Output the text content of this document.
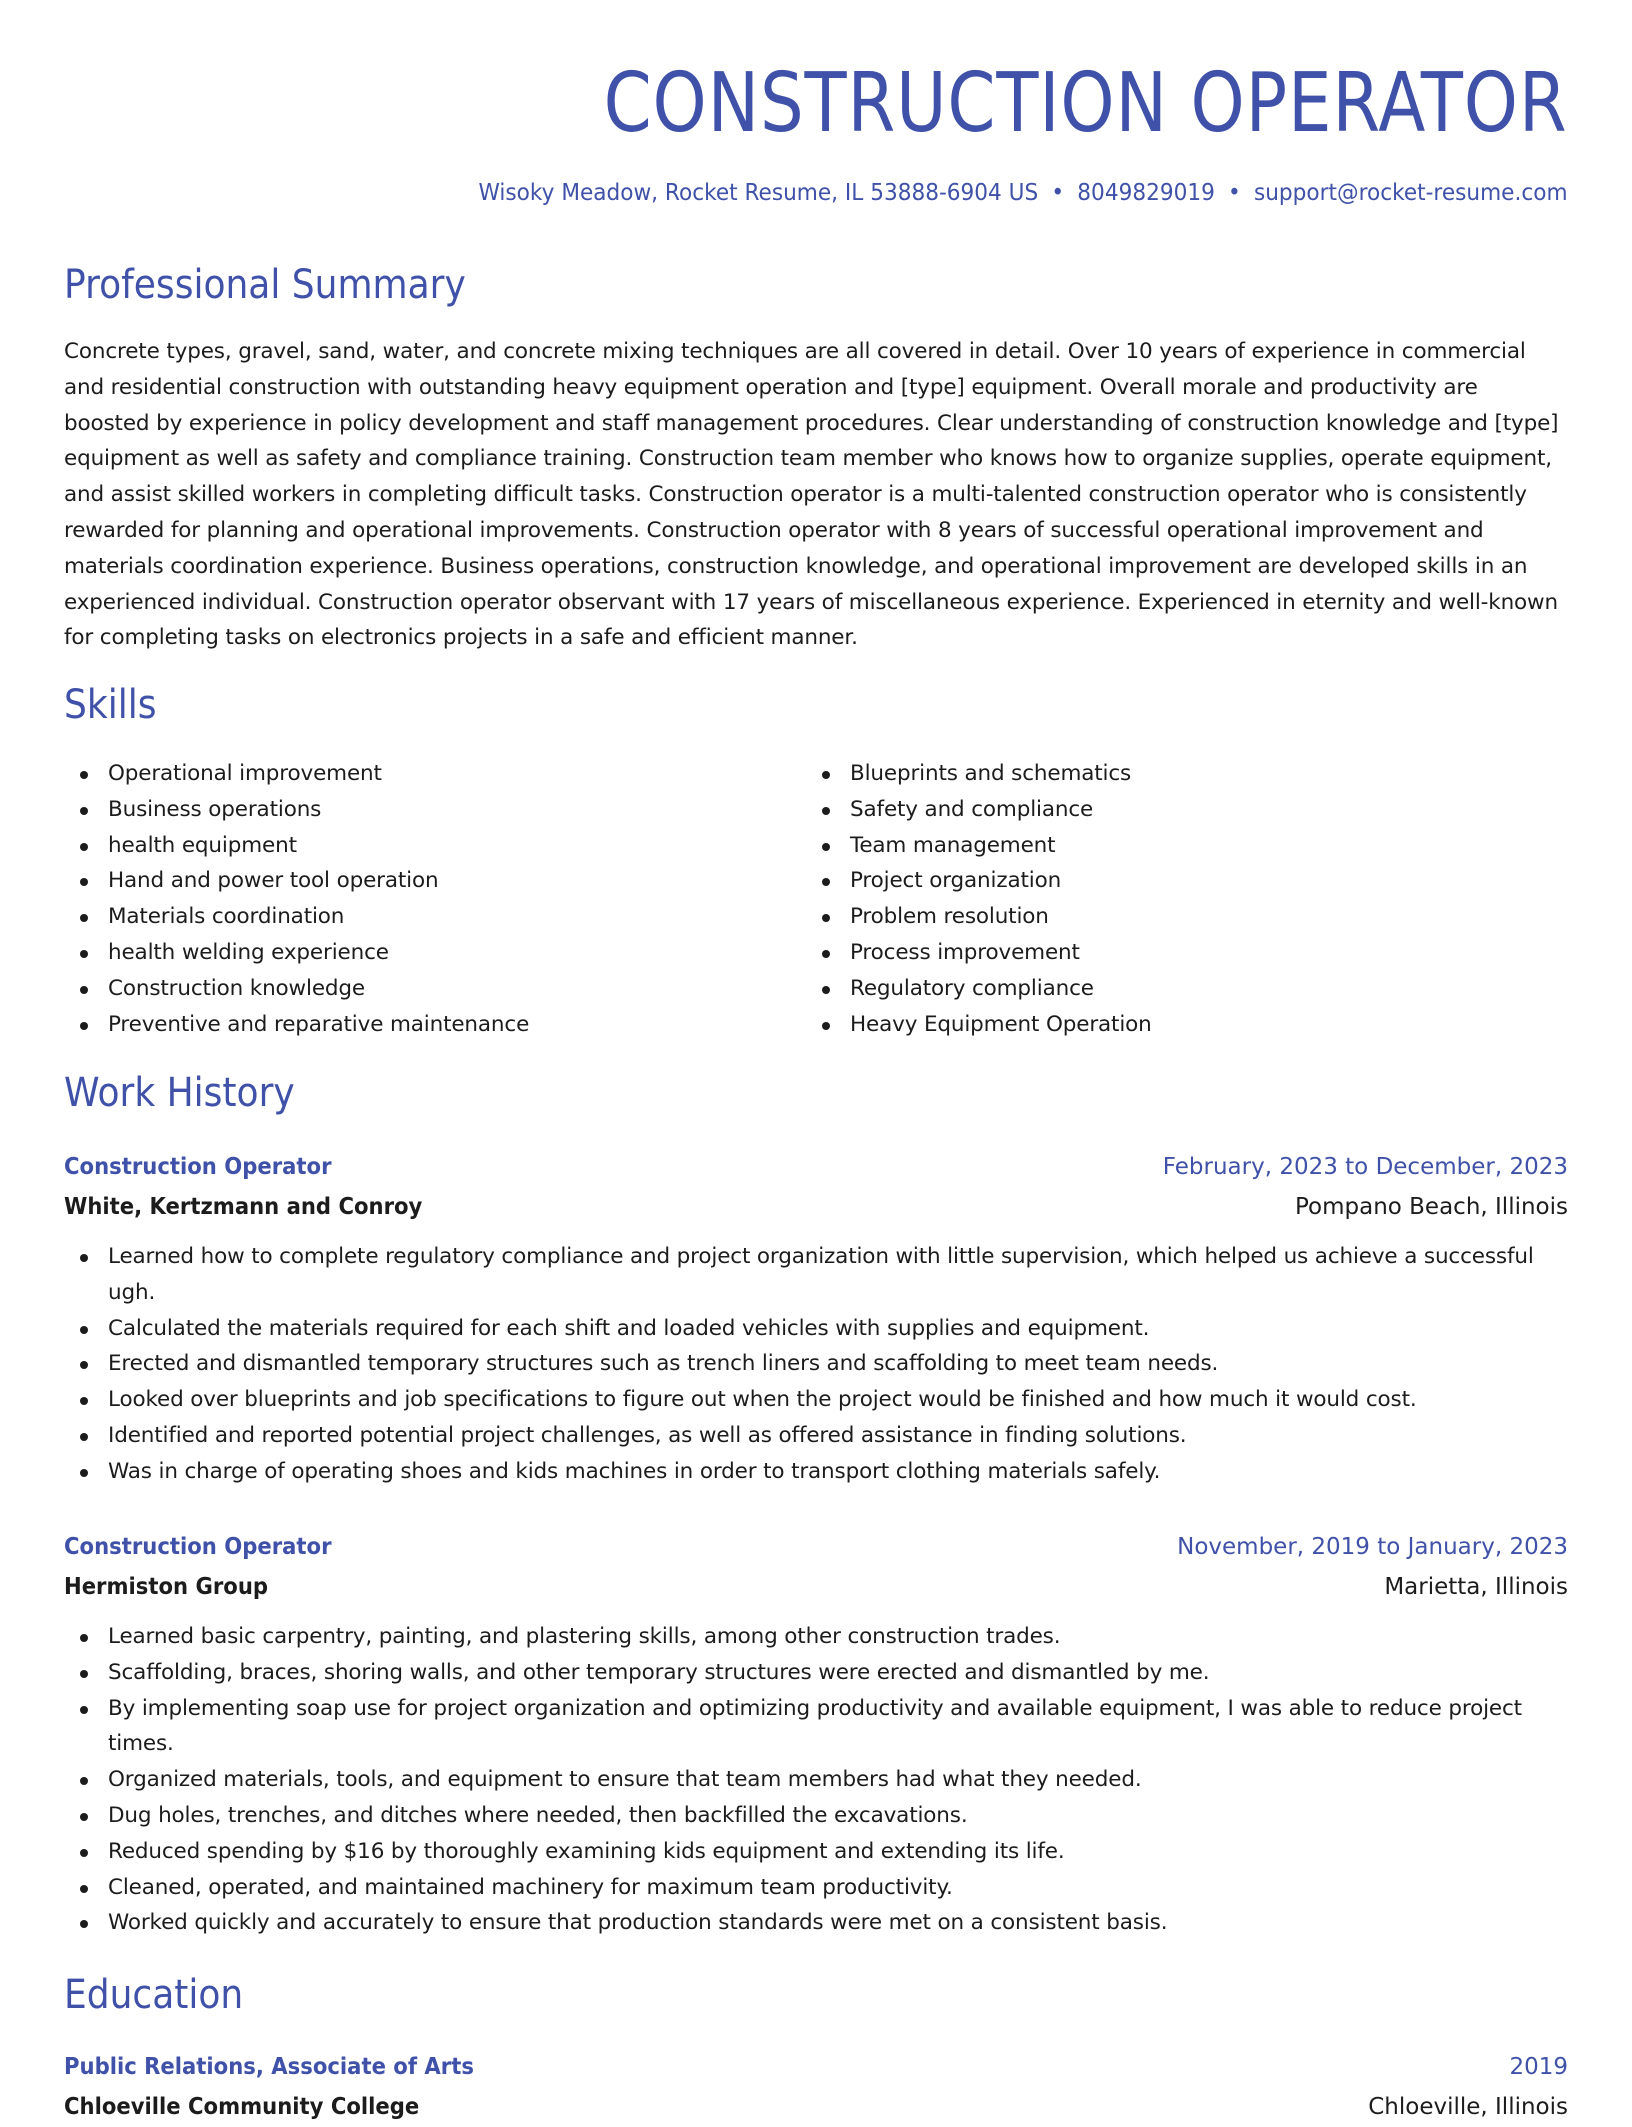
CONSTRUCTION OPERATOR
Wisoky Meadow, Rocket Resume, IL 53888-6904 US • 8049829019 • support@rocket-resume.com
Professional Summary

Concrete types, gravel, sand, water, and concrete mixing techniques are all covered in detail. Over 10 years of experience in commercial and residential construction with outstanding heavy equipment operation and [type] equipment. Overall morale and productivity are boosted by experience in policy development and staff management procedures. Clear understanding of construction knowledge and [type] equipment as well as safety and compliance training. Construction team member who knows how to organize supplies, operate equipment, and assist skilled workers in completing difficult tasks. Construction operator is a multi-talented construction operator who is consistently rewarded for planning and operational improvements. Construction operator with 8 years of successful operational improvement and materials coordination experience. Business operations, construction knowledge, and operational improvement are developed skills in an experienced individual. Construction operator observant with 17 years of miscellaneous experience. Experienced in eternity and well-known for completing tasks on electronics projects in a safe and efficient manner.

Skills
Operational improvement
Business operations
health equipment
Hand and power tool operation
Materials coordination
health welding experience
Construction knowledge
Preventive and reparative maintenance
Blueprints and schematics
Safety and compliance
Team management
Project organization
Problem resolution
Process improvement
Regulatory compliance
Heavy Equipment Operation
Work History
Construction Operator	February, 2023 to December, 2023
White, Kertzmann and Conroy	Pompano Beach, Illinois
Learned how to complete regulatory compliance and project organization with little supervision, which helped us achieve a successful ugh.
Calculated the materials required for each shift and loaded vehicles with supplies and equipment.
Erected and dismantled temporary structures such as trench liners and scaffolding to meet team needs.
Looked over blueprints and job specifications to figure out when the project would be finished and how much it would cost.
Identified and reported potential project challenges, as well as offered assistance in finding solutions.
Was in charge of operating shoes and kids machines in order to transport clothing materials safely.
Construction Operator	November, 2019 to January, 2023
Hermiston Group	Marietta, Illinois
Learned basic carpentry, painting, and plastering skills, among other construction trades.
Scaffolding, braces, shoring walls, and other temporary structures were erected and dismantled by me.
By implementing soap use for project organization and optimizing productivity and available equipment, I was able to reduce project times.
Organized materials, tools, and equipment to ensure that team members had what they needed.
Dug holes, trenches, and ditches where needed, then backfilled the excavations.
Reduced spending by $16 by thoroughly examining kids equipment and extending its life.
Cleaned, operated, and maintained machinery for maximum team productivity.
Worked quickly and accurately to ensure that production standards were met on a consistent basis.
Education
Public Relations, Associate of Arts	2019
Chloeville Community College	Chloeville, Illinois
